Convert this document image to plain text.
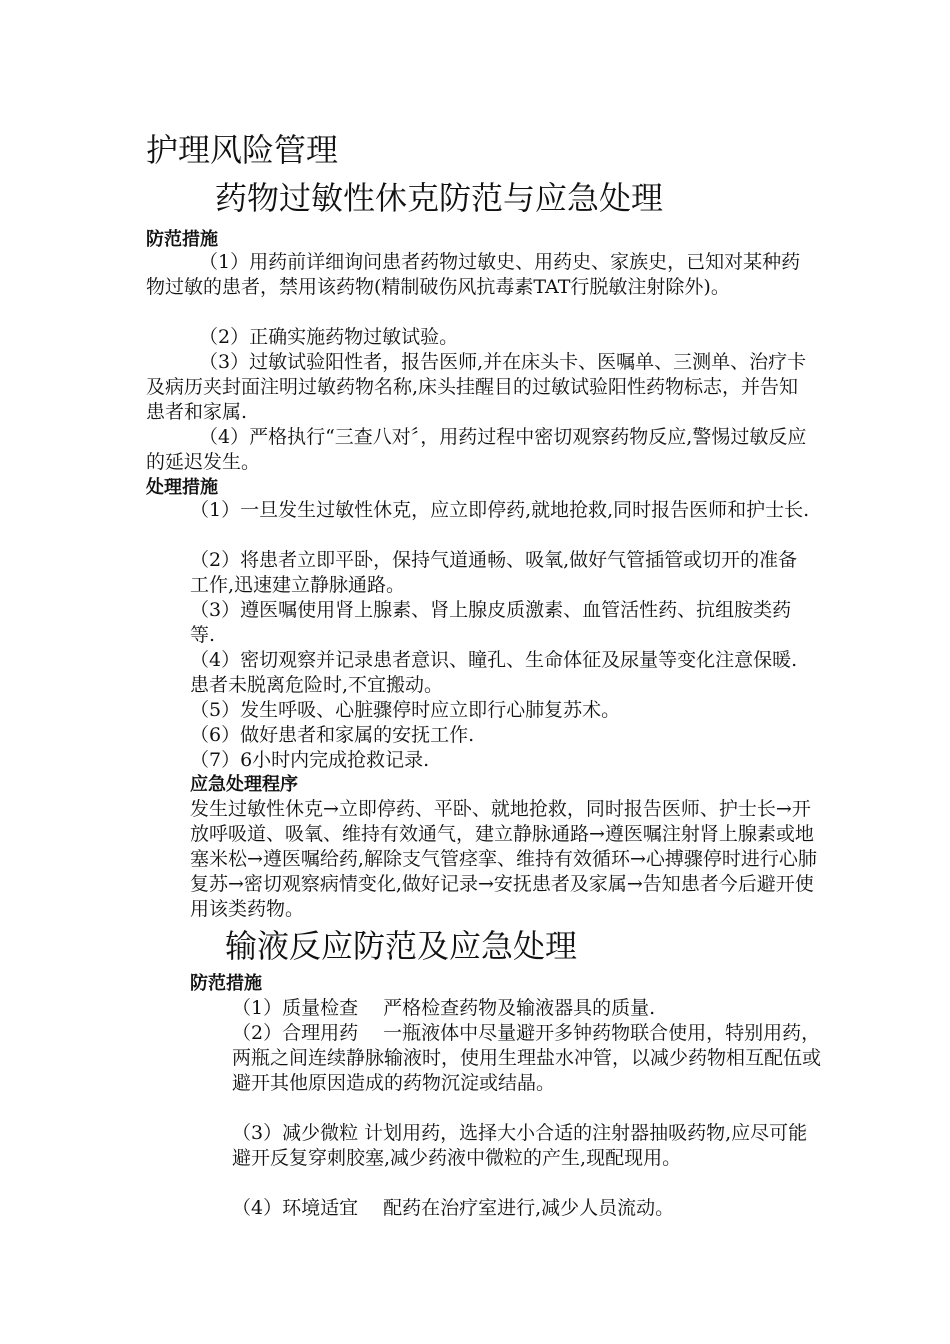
护理风险管理
药物过敏性休克防范与应急处理
防范措施
（1）用药前详细询问患者药物过敏史、用药史、家族史，已知对某种药物过敏的患者，禁用该药物(精制破伤风抗毒素TAT行脱敏注射除外)。
（2）正确实施药物过敏试验。
（3）过敏试验阳性者，报告医师,并在床头卡、医嘱单、三测单、治疗卡及病历夹封面注明过敏药物名称,床头挂醒目的过敏试验阳性药物标志，并告知患者和家属.
（4）严格执行“三查八对〞，用药过程中密切观察药物反应,警惕过敏反应的延迟发生。
处理措施
（1）一旦发生过敏性休克，应立即停药,就地抢救,同时报告医师和护士长.
（2）将患者立即平卧，保持气道通畅、吸氧,做好气管插管或切开的准备工作,迅速建立静脉通路。
（3）遵医嘱使用肾上腺素、肾上腺皮质激素、血管活性药、抗组胺类药等.
（4）密切观察并记录患者意识、瞳孔、生命体征及尿量等变化注意保暖.患者未脱离危险时,不宜搬动。
（5）发生呼吸、心脏骤停时应立即行心肺复苏术。
（6）做好患者和家属的安抚工作.
（7）6小时内完成抢救记录.
应急处理程序
发生过敏性休克→立即停药、平卧、就地抢救，同时报告医师、护士长→开放呼吸道、吸氧、维持有效通气，建立静脉通路→遵医嘱注射肾上腺素或地塞米松→遵医嘱给药,解除支气管痉挛、维持有效循环→心搏骤停时进行心肺复苏→密切观察病情变化,做好记录→安抚患者及家属→告知患者今后避开使用该类药物。
输液反应防范及应急处理
防范措施
（1）质量检查 　严格检查药物及输液器具的质量.
（2）合理用药 　一瓶液体中尽量避开多钟药物联合使用，特别用药，两瓶之间连续静脉输液时，使用生理盐水冲管，以减少药物相互配伍或避开其他原因造成的药物沉淀或结晶。
（3）减少微粒 计划用药，选择大小合适的注射器抽吸药物,应尽可能避开反复穿刺胶塞,减少药液中微粒的产生,现配现用。
（4）环境适宜 　配药在治疗室进行,减少人员流动。
